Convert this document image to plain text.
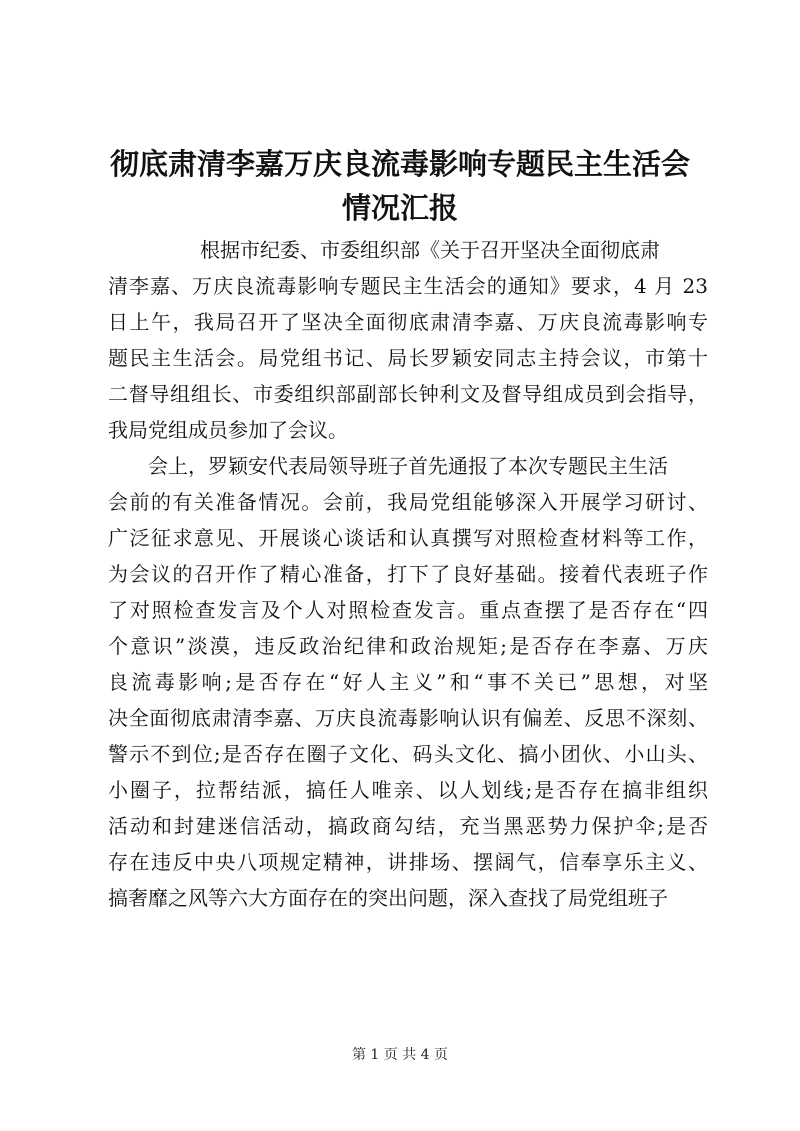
彻底肃清李嘉万庆良流毒影响专题民主生活会
情况汇报
根据市纪委、市委组织部《关于召开坚决全面彻底肃
清李嘉、万庆良流毒影响专题民主生活会的通知》要求，4 月 23
日上午，我局召开了坚决全面彻底肃清李嘉、万庆良流毒影响专
题民主生活会。局党组书记、局长罗颖安同志主持会议，市第十
二督导组组长、市委组织部副部长钟利文及督导组成员到会指导，
我局党组成员参加了会议。
会上，罗颖安代表局领导班子首先通报了本次专题民主生活
会前的有关准备情况。会前，我局党组能够深入开展学习研讨、
广泛征求意见、开展谈心谈话和认真撰写对照检查材料等工作，
为会议的召开作了精心准备，打下了良好基础。接着代表班子作
了对照检查发言及个人对照检查发言。重点查摆了是否存在“四
个意识”淡漠，违反政治纪律和政治规矩;是否存在李嘉、万庆
良流毒影响;是否存在“好人主义”和“事不关已”思想，对坚
决全面彻底肃清李嘉、万庆良流毒影响认识有偏差、反思不深刻、
警示不到位;是否存在圈子文化、码头文化、搞小团伙、小山头、
小圈子，拉帮结派，搞任人唯亲、以人划线;是否存在搞非组织
活动和封建迷信活动，搞政商勾结，充当黑恶势力保护伞;是否
存在违反中央八项规定精神，讲排场、摆阔气，信奉享乐主义、
搞奢靡之风等六大方面存在的突出问题，深入查找了局党组班子
第 1 页 共 4 页
